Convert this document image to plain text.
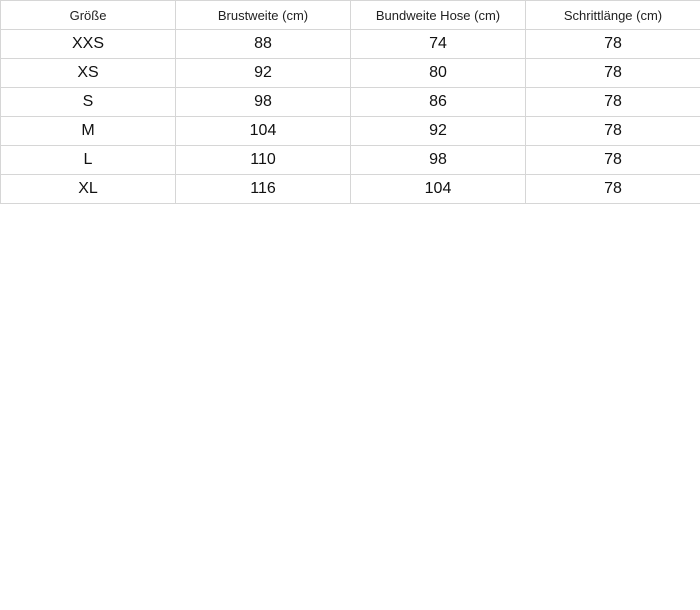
Größe	Brustweite (cm)	Bundweite Hose (cm)	Schrittlänge (cm)
XXS	88	74	78
XS	92	80	78
S	98	86	78
M	104	92	78
L	110	98	78
XL	116	104	78
